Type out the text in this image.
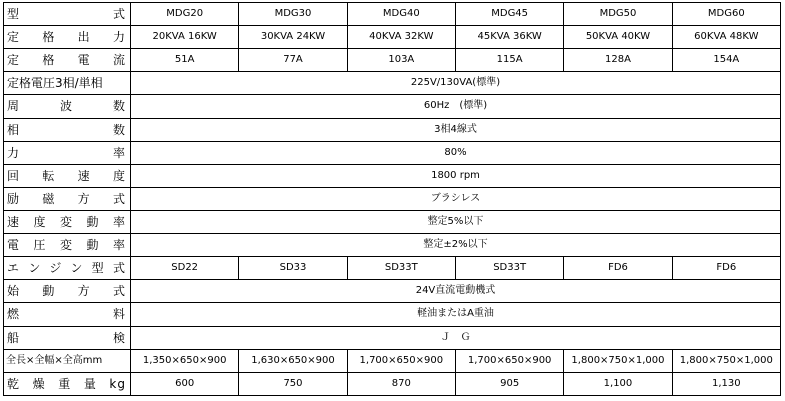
型　　　　　　式	MDG20	MDG30	MDG40	MDG45	MDG50	MDG60
定　格　出　力	20KVA 16KW	30KVA 24KW	40KVA 32KW	45KVA 36KW	50KVA 40KW	60KVA 48KW
定　格　電　流	51A	77A	103A	115A	128A	154A
定格電圧3相/単相	225V/130VA(標準)					
周　　波　　数	60Hz　(標準)					
相　　　　　数	3相4線式					
力　　　　　率	80%					
回　転　速　度	1800 rpm					
励　磁　方　式	ブラシレス					
速度変動率	整定5%以下					
電圧変動率	整定±2%以下					
エンジン型式	SD22	SD33	SD33T	SD33T	FD6	FD6
始　動　方　式	24V直流電動機式					
燃　　　　　料	軽油またはA重油					
船　　　　　検	Ｊ　Ｇ					
全長×全幅×全高mm	1,350×650×900	1,630×650×900	1,700×650×900	1,700×650×900	1,800×750×1,000	1,800×750×1,000
乾燥重量kg	600	750	870	905	1,100	1,130
